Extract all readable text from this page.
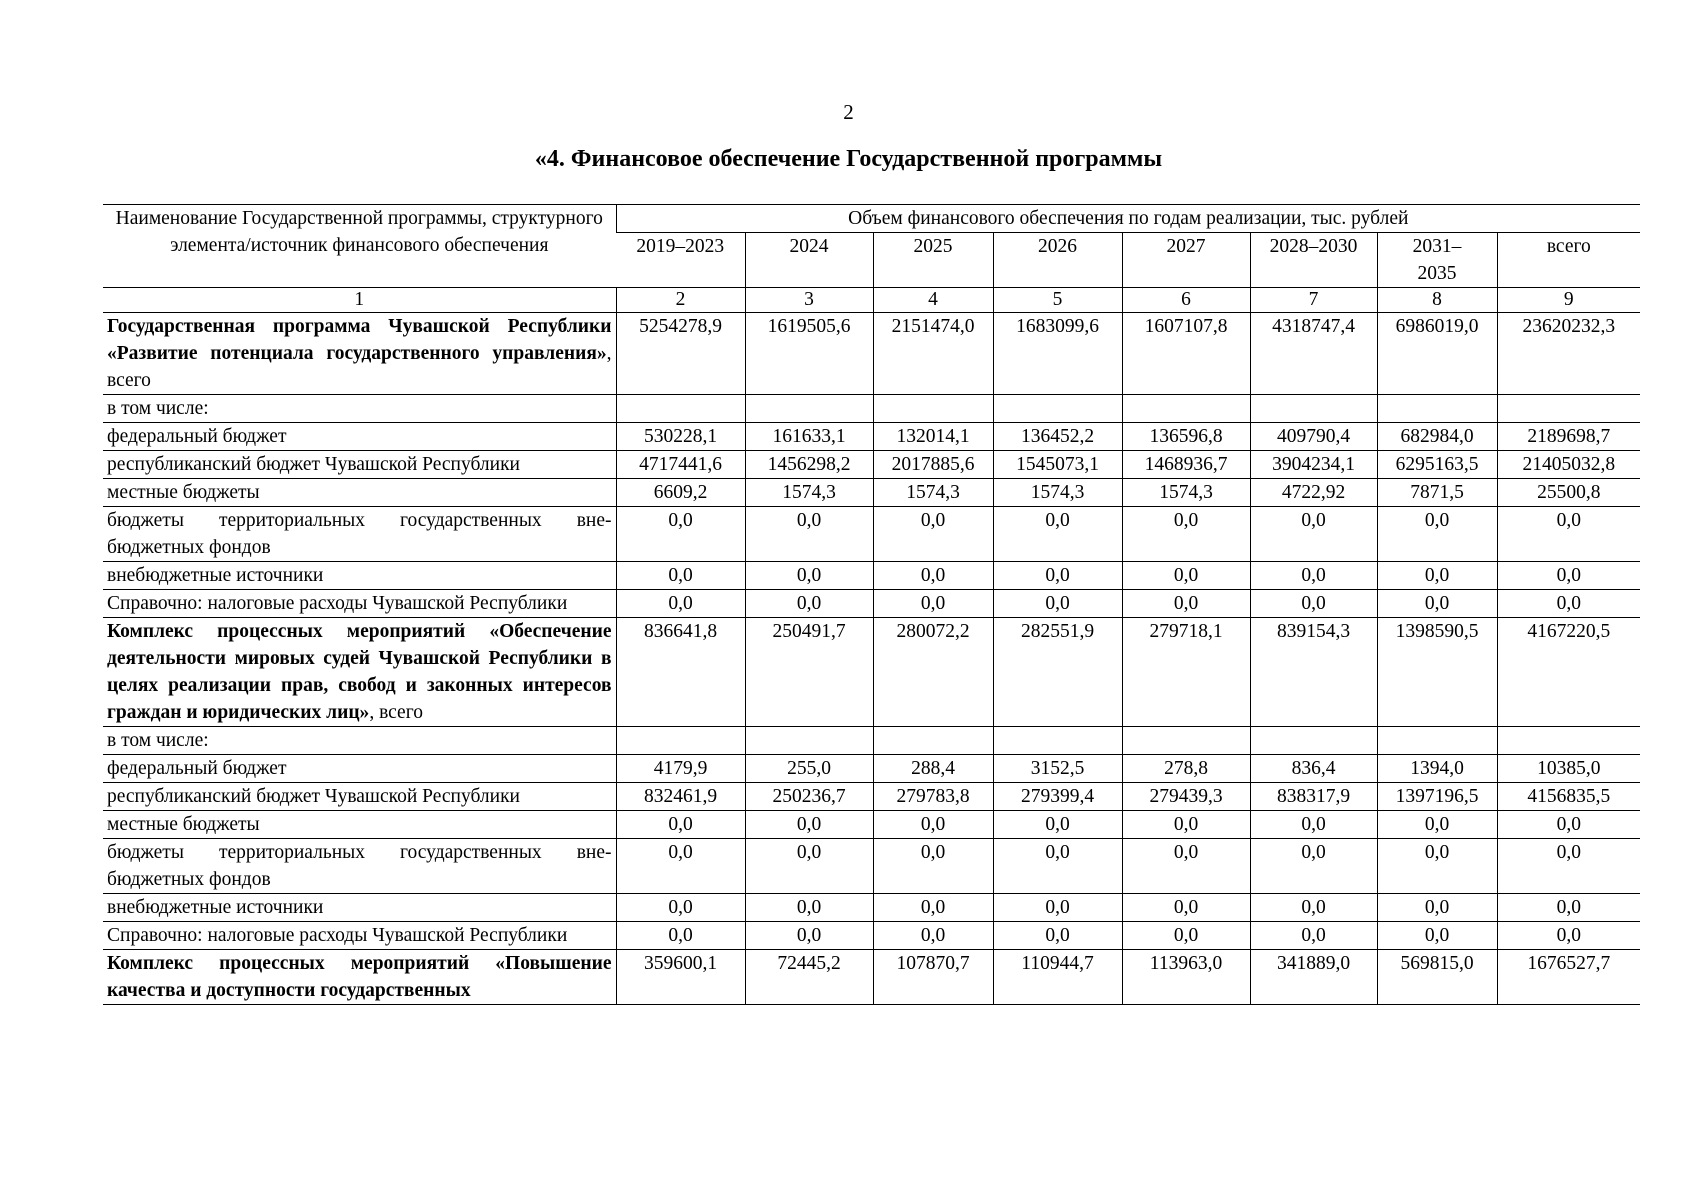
2
«4. Финансовое обеспечение Государственной программы
Наименование Государственной программы, структурного элемента/источник финансового обеспечения	Объем финансового обеспечения по годам реализации, тыс. рублей							
	2019–2023	2024	2025	2026	2027	2028–2030	2031–2035	всего
1	2	3	4	5	6	7	8	9
Государственная программа Чувашской Республики «Развитие потенциала государственного управления», всего	5254278,9	1619505,6	2151474,0	1683099,6	1607107,8	4318747,4	6986019,0	23620232,3
в том числе:								
федеральный бюджет	530228,1	161633,1	132014,1	136452,2	136596,8	409790,4	682984,0	2189698,7
республиканский бюджет Чувашской Республики	4717441,6	1456298,2	2017885,6	1545073,1	1468936,7	3904234,1	6295163,5	21405032,8
местные бюджеты	6609,2	1574,3	1574,3	1574,3	1574,3	4722,92	7871,5	25500,8
бюджеты территориальных государственных внебюджетных фондов	0,0	0,0	0,0	0,0	0,0	0,0	0,0	0,0
внебюджетные источники	0,0	0,0	0,0	0,0	0,0	0,0	0,0	0,0
Справочно: налоговые расходы Чувашской Республики	0,0	0,0	0,0	0,0	0,0	0,0	0,0	0,0
Комплекс процессных мероприятий «Обеспечение деятельности мировых судей Чувашской Республики в целях реализации прав, свобод и законных интересов граждан и юридических лиц», всего	836641,8	250491,7	280072,2	282551,9	279718,1	839154,3	1398590,5	4167220,5
в том числе:								
федеральный бюджет	4179,9	255,0	288,4	3152,5	278,8	836,4	1394,0	10385,0
республиканский бюджет Чувашской Республики	832461,9	250236,7	279783,8	279399,4	279439,3	838317,9	1397196,5	4156835,5
местные бюджеты	0,0	0,0	0,0	0,0	0,0	0,0	0,0	0,0
бюджеты территориальных государственных внебюджетных фондов	0,0	0,0	0,0	0,0	0,0	0,0	0,0	0,0
внебюджетные источники	0,0	0,0	0,0	0,0	0,0	0,0	0,0	0,0
Справочно: налоговые расходы Чувашской Республики	0,0	0,0	0,0	0,0	0,0	0,0	0,0	0,0
Комплекс процессных мероприятий «Повышение качества и доступности государственных	359600,1	72445,2	107870,7	110944,7	113963,0	341889,0	569815,0	1676527,7
